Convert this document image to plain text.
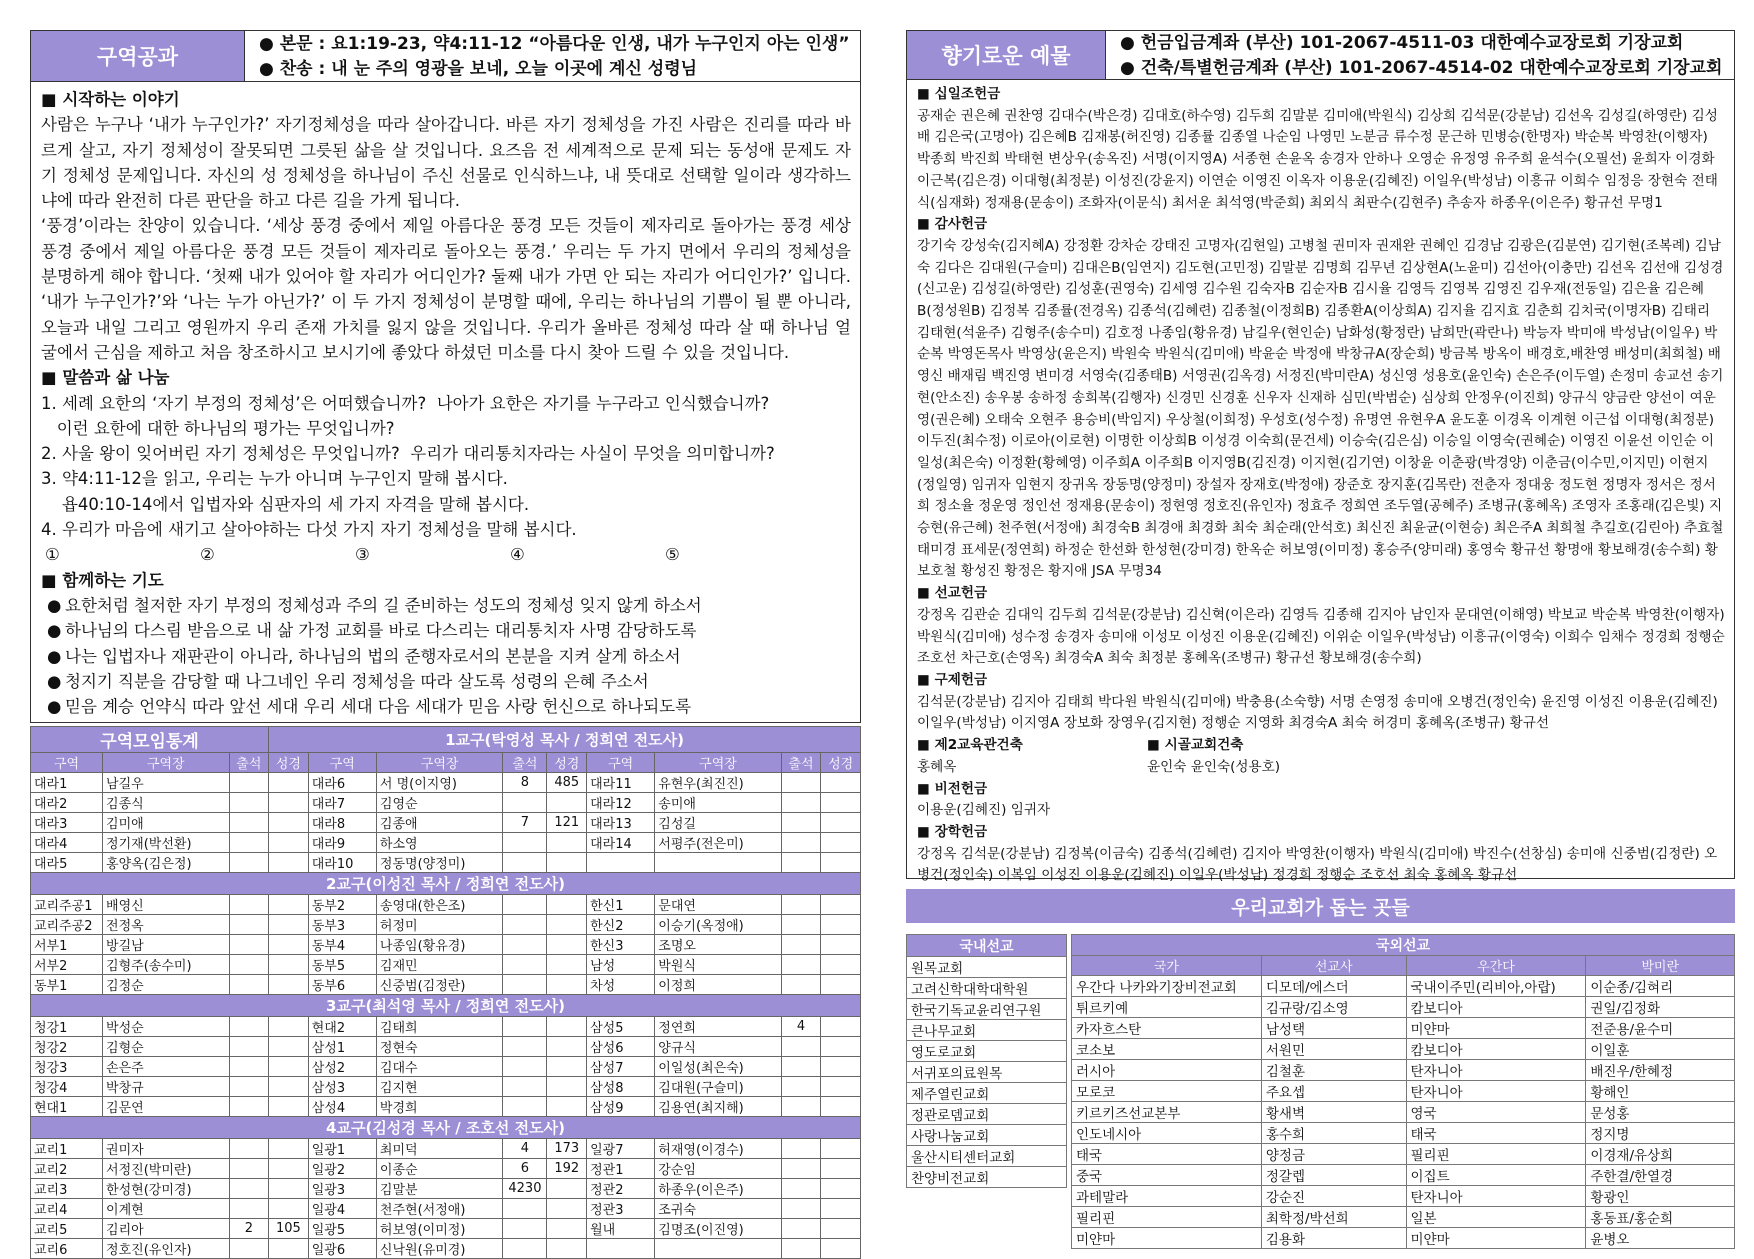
구역공과
● 본문 : 요1:19-23, 약4:11-12 “아름다운 인생, 내가 누구인지 아는 인생”
● 찬송 : 내 눈 주의 영광을 보네, 오늘 이곳에 계신 성령님
■ 시작하는 이야기
사람은 누구나 ‘내가 누구인가?’ 자기정체성을 따라 살아갑니다. 바른 자기 정체성을 가진 사람은 진리를 따라 바르게 살고, 자기 정체성이 잘못되면 그릇된 삶을 살 것입니다. 요즈음 전 세계적으로 문제 되는 동성애 문제도 자기 정체성 문제입니다. 자신의 성 정체성을 하나님이 주신 선물로 인식하느냐, 내 뜻대로 선택할 일이라 생각하느냐에 따라 완전히 다른 판단을 하고 다른 길을 가게 됩니다.
‘풍경’이라는 찬양이 있습니다. ‘세상 풍경 중에서 제일 아름다운 풍경 모든 것들이 제자리로 돌아가는 풍경 세상 풍경 중에서 제일 아름다운 풍경 모든 것들이 제자리로 돌아오는 풍경.’ 우리는 두 가지 면에서 우리의 정체성을 분명하게 해야 합니다. ‘첫째 내가 있어야 할 자리가 어디인가? 둘째 내가 가면 안 되는 자리가 어디인가?’ 입니다. ‘내가 누구인가?’와 ‘나는 누가 아닌가?’ 이 두 가지 정체성이 분명할 때에, 우리는 하나님의 기쁨이 될 뿐 아니라, 오늘과 내일 그리고 영원까지 우리 존재 가치를 잃지 않을 것입니다. 우리가 올바른 정체성 따라 살 때 하나님 얼굴에서 근심을 제하고 처음 창조하시고 보시기에 좋았다 하셨던 미소를 다시 찾아 드릴 수 있을 것입니다.
■ 말씀과 삶 나눔
1. 세례 요한의 ‘자기 부정의 정체성’은 어떠했습니까?  나아가 요한은 자기를 누구라고 인식했습니까?
이런 요한에 대한 하나님의 평가는 무엇입니까?
2. 사울 왕이 잊어버린 자기 정체성은 무엇입니까?  우리가 대리통치자라는 사실이 무엇을 의미합니까?
3. 약4:11-12을 읽고, 우리는 누가 아니며 누구인지 말해 봅시다.
욥40:10-14에서 입법자와 심판자의 세 가지 자격을 말해 봅시다.
4. 우리가 마음에 새기고 살아야하는 다섯 가지 자기 정체성을 말해 봅시다.
①	②	③	④	⑤
■ 함께하는 기도
● 요한처럼 철저한 자기 부정의 정체성과 주의 길 준비하는 성도의 정체성 잊지 않게 하소서
● 하나님의 다스림 받음으로 내 삶 가정 교회를 바로 다스리는 대리통치자 사명 감당하도록
● 나는 입법자나 재판관이 아니라, 하나님의 법의 준행자로서의 본분을 지켜 살게 하소서
● 청지기 직분을 감당할 때 나그네인 우리 정체성을 따라 살도록 성령의 은혜 주소서
● 믿음 계승 언약식 따라 앞선 세대 우리 세대 다음 세대가 믿음 사랑 헌신으로 하나되도록
구역모임통계			1교구(탁영성 목사 / 정희연 전도사)								
구역	구역장	출석	성경	구역	구역장	출석	성경	구역	구역장	출석	성경
대라1	남길우			대라6	서 명(이지영)	8	485	대라11	유현우(최진진)		
대라2	김종식			대라7	김영순			대라12	송미애		
대라3	김미애			대라8	김종애	7	121	대라13	김성길		
대라4	정기재(박선환)			대라9	하소영			대라14	서평주(전은미)		
대라5	홍양옥(김은정)			대라10	정동명(양정미)						
2교구(이성진 목사 / 정희연 전도사)											
교리주공1	배영신			동부2	송영대(한은조)			한신1	문대연		
교리주공2	전정옥			동부3	허정미			한신2	이승기(옥정애)		
서부1	방길남			동부4	나종임(황유경)			한신3	조명오		
서부2	김형주(송수미)			동부5	김재민			남성	박원식		
동부1	김정순			동부6	신중범(김정란)			차성	이정희		
3교구(최석영 목사 / 정희연 전도사)											
청강1	박성순			현대2	김태희			삼성5	정연희	4	
청강2	김형순			삼성1	정현숙			삼성6	양규식		
청강3	손은주			삼성2	김대수			삼성7	이일성(최은숙)		
청강4	박창규			삼성3	김지현			삼성8	김대원(구슬미)		
현대1	김문연			삼성4	박경희			삼성9	김용연(최지해)		
4교구(김성경 목사 / 조호선 전도사)											
교리1	권미자			일광1	최미덕	4	173	일광7	허재영(이경수)		
교리2	서정진(박미란)			일광2	이종순	6	192	정관1	강순임		
교리3	한성현(강미경)			일광3	김말분	4230		정관2	하종우(이은주)		
교리4	이계현			일광4	천주현(서정애)			정관3	조귀숙		
교리5	김리아	2	105	일광5	허보영(이미정)			월내	김명조(이진영)		
교리6	정호진(유인자)			일광6	신낙원(유미경)						
향기로운 예물
● 헌금입금계좌 (부산) 101-2067-4511-03 대한예수교장로회 기장교회
● 건축/특별헌금계좌 (부산) 101-2067-4514-02 대한예수교장로회 기장교회
■ 십일조헌금
공재순 권은혜 권찬영 김대수(박은경) 김대호(하수영) 김두희 김말분 김미애(박원식) 김상희 김석문(강분남) 김선옥 김성길(하영란) 김성배 김은국(고명아) 김은혜B 김재봉(허진영) 김종률 김종열 나순임 나영민 노분금 류수정 문근하 민병승(한명자) 박순복 박영찬(이행자) 박종희 박진희 박태현 변상우(송옥진) 서명(이지영A) 서종현 손윤옥 송경자 안하나 오영순 유정영 유주희 윤석수(오필선) 윤희자 이경화 이근복(김은경) 이대형(최정분) 이성진(강윤지) 이연순 이영진 이옥자 이용운(김혜진) 이일우(박성남) 이흥규 이희수 임정응 장현숙 전태식(심재화) 정재용(문송이) 조화자(이문식) 최서운 최석영(박준희) 최외식 최판수(김현주) 추송자 하종우(이은주) 황규선 무명1
■ 감사헌금
강기숙 강성숙(김지혜A) 강정환 강차순 강태진 고명자(김현일) 고병철 권미자 권재완 권혜인 김경남 김광은(김분연) 김기현(조복례) 김남숙 김다은 김대원(구슬미) 김대은B(임연지) 김도현(고민정) 김말분 김명희 김무년 김상현A(노윤미) 김선아(이충만) 김선옥 김선애 김성경(신고운) 김성길(하영란) 김성훈(권영숙) 김세영 김수원 김숙자B 김순자B 김시율 김영득 김영복 김영진 김우재(전동일) 김은율 김은혜B(정성원B) 김정복 김종률(전경옥) 김종석(김혜련) 김종철(이정희B) 김종환A(이상희A) 김지율 김지효 김춘희 김치국(이명자B) 김태리 김태현(석윤주) 김형주(송수미) 김호정 나종임(황유경) 남길우(현인순) 남화성(황정란) 남희만(곽란나) 박능자 박미애 박성남(이일우) 박순복 박영돈목사 박영상(윤은지) 박원숙 박원식(김미애) 박윤순 박정애 박창규A(장순희) 방금복 방옥이 배경호,배찬영 배성미(최희철) 배영신 배재림 백진영 변미경 서영숙(김종태B) 서영권(김옥경) 서정진(박미란A) 성신영 성용호(윤인숙) 손은주(이두열) 손정미 송교선 송기현(안소진) 송우봉 송하정 송희복(김행자) 신경민 신경훈 신우자 신재하 심민(박범순) 심상희 안정우(이진희) 양규식 양금란 양선이 여운영(권은혜) 오태숙 오현주 용승비(박임지) 우상철(이희정) 우성호(성수정) 유명연 유현우A 윤도훈 이경옥 이계현 이근섭 이대형(최정분) 이두진(최수정) 이로아(이로현) 이명한 이상희B 이성경 이숙희(문건세) 이승숙(김은심) 이승일 이영숙(권혜순) 이영진 이윤선 이인순 이일성(최은숙) 이정환(황혜영) 이주희A 이주희B 이지영B(김진경) 이지현(김기연) 이창윤 이춘광(박경양) 이춘금(이수민,이지민) 이현지(정일영) 임귀자 임현지 장귀옥 장동명(양정미) 장설자 장재호(박정애) 장준호 장지훈(김목란) 전춘자 정대웅 정도현 정명자 정서은 정서희 정소율 정운영 정인선 정재용(문송이) 정현영 정호진(유인자) 정효주 정희연 조두열(공혜주) 조병규(홍혜옥) 조영자 조홍래(김은빛) 지승현(유근혜) 천주현(서정애) 최경숙B 최경애 최경화 최숙 최순래(안석호) 최신진 최윤균(이현승) 최은주A 최희철 추길호(김린아) 추효철 태미경 표세문(정연희) 하정순 한선화 한성현(강미경) 한옥순 허보영(이미정) 홍승주(양미래) 홍영숙 황규선 황명애 황보해경(송수희) 황보호철 황성진 황정은 황지애 JSA 무명34
■ 선교헌금
강정옥 김관순 김대익 김두희 김석문(강분남) 김신혁(이은라) 김영득 김종해 김지아 남인자 문대연(이해영) 박보교 박순복 박영찬(이행자) 박원식(김미애) 성수정 송경자 송미애 이성모 이성진 이용운(김혜진) 이위순 이일우(박성남) 이흥규(이영숙) 이희수 임채수 정경희 정행순 조호선 차근호(손영옥) 최경숙A 최숙 최정분 홍혜옥(조병규) 황규선 황보해경(송수희)
■ 구제헌금
김석문(강분남) 김지아 김태희 박다원 박원식(김미애) 박충용(소숙향) 서명 손영정 송미애 오병건(정인숙) 윤진영 이성진 이용운(김혜진) 이일우(박성남) 이지영A 장보화 장영우(김지현) 정행순 지영화 최경숙A 최숙 허경미 홍혜옥(조병규) 황규선
■ 제2교육관건축
홍혜옥
■ 시골교회건축
윤인숙 윤인숙(성용호)
■ 비전헌금
이용운(김혜진) 임귀자
■ 장학헌금
강정옥 김석문(강분남) 김정복(이금숙) 김종석(김혜련) 김지아 박영찬(이행자) 박원식(김미애) 박진수(선창심) 송미애 신중범(김정란) 오병건(정인숙) 이복임 이성진 이용운(김혜진) 이일우(박성남) 정경희 정행순 조호선 최숙 홍혜옥 황규선
우리교회가 돕는 곳들
국내선교
원목교회
고려신학대학대학원
한국기독교윤리연구원
큰나무교회
영도로교회
서귀포의료원목
제주열린교회
정관로뎀교회
사랑나눔교회
울산시티센터교회
찬양비전교회
국외선교			
국가	선교사	우간다	박미란
우간다 나카와기장비전교회	디모데/에스더	국내이주민(리비아,아랍)	이순종/김혀리
튀르키예	김규랑/김소영	캄보디아	권일/김정화
카자흐스탄	남성택	미얀마	전준용/윤수미
코소보	서원민	캄보디아	이일훈
러시아	김철훈	탄자니아	배진우/한혜정
모로코	주요셉	탄자니아	황해인
키르키즈선교본부	황새벽	영국	문성홍
인도네시아	홍수희	태국	정지명
태국	양정금	필리핀	이경재/유상희
중국	정갈렙	이집트	주한결/한열경
과테말라	강순진	탄자니아	황광인
필리핀	최학정/박선희	일본	홍동표/홍순희
미얀마	김용화	미얀마	윤병오
